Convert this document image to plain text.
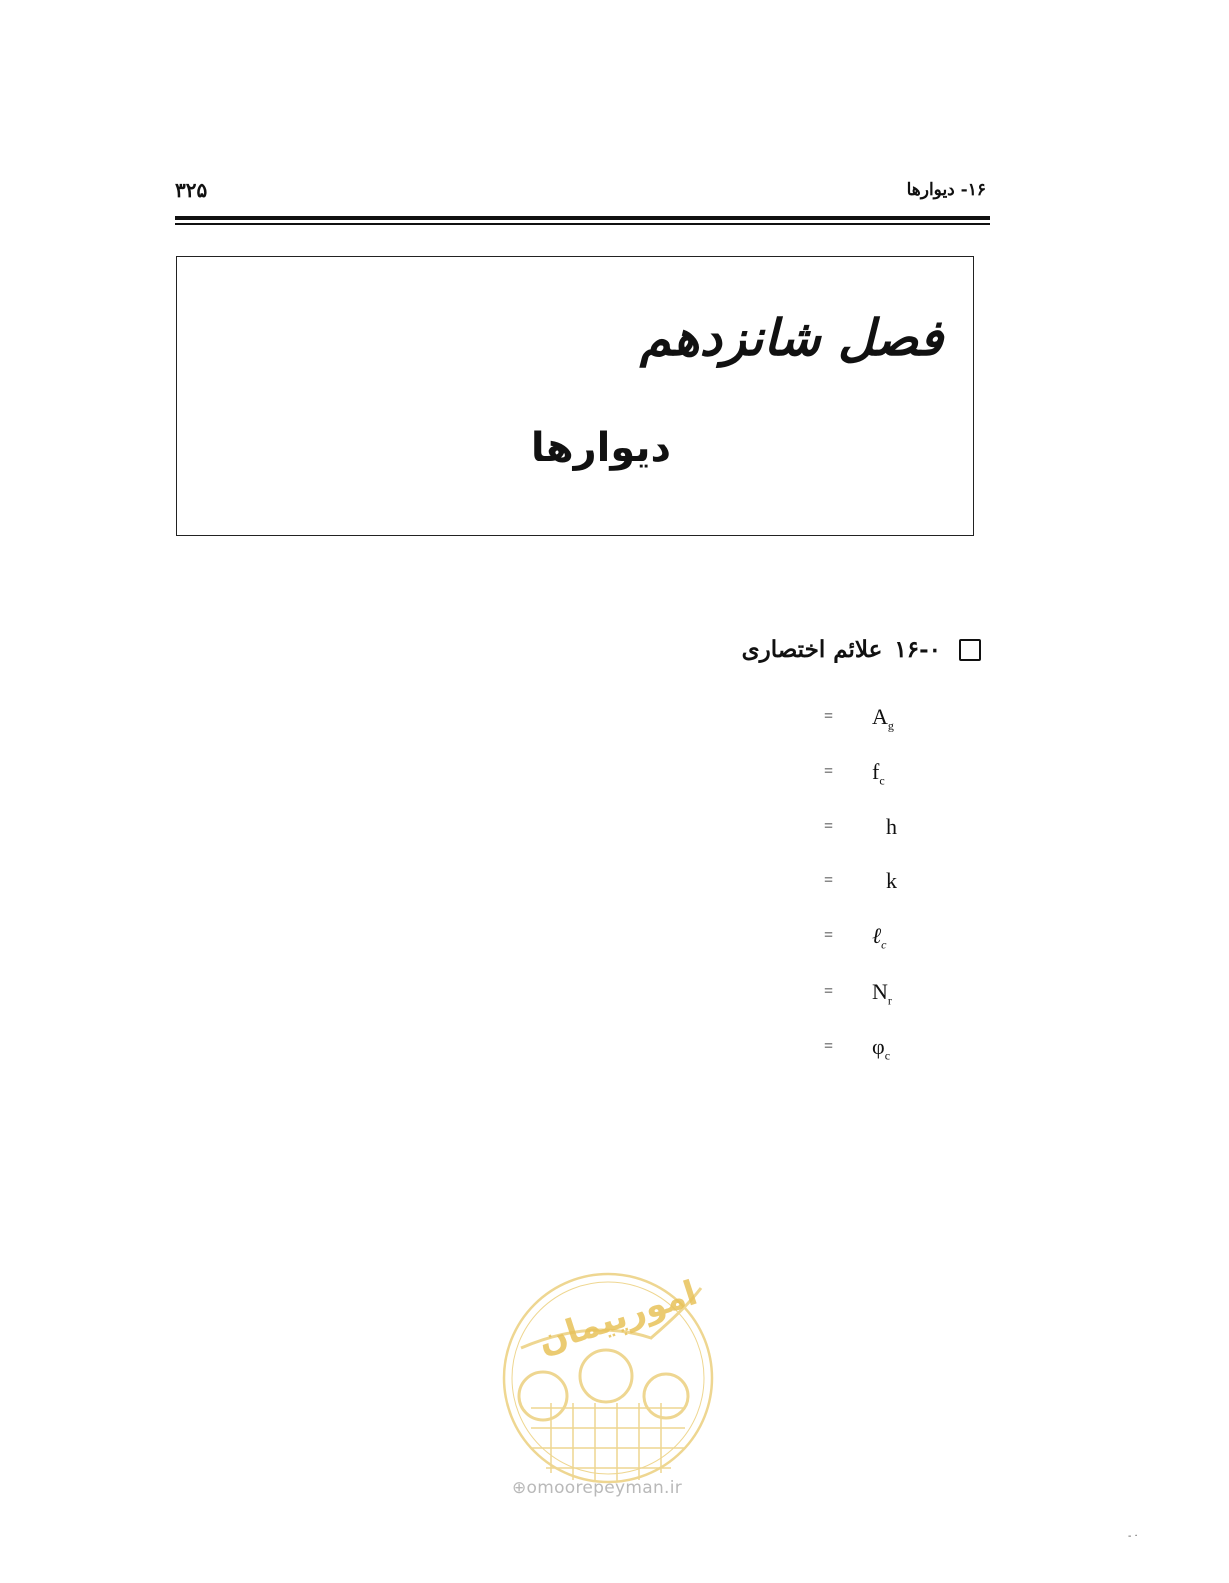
۳۲۵	۱۶- دیوارها
فصل شانزدهم
دیوارها
۱۶-۰
علائم اختصاری
$A_g$
=
$f_c$
=
h
=
k
=
ℓ$_c$
=
$N_r$
=
$\varphi_c$
=
امورپیمان
⊕omoorepeyman.ir
- ·
